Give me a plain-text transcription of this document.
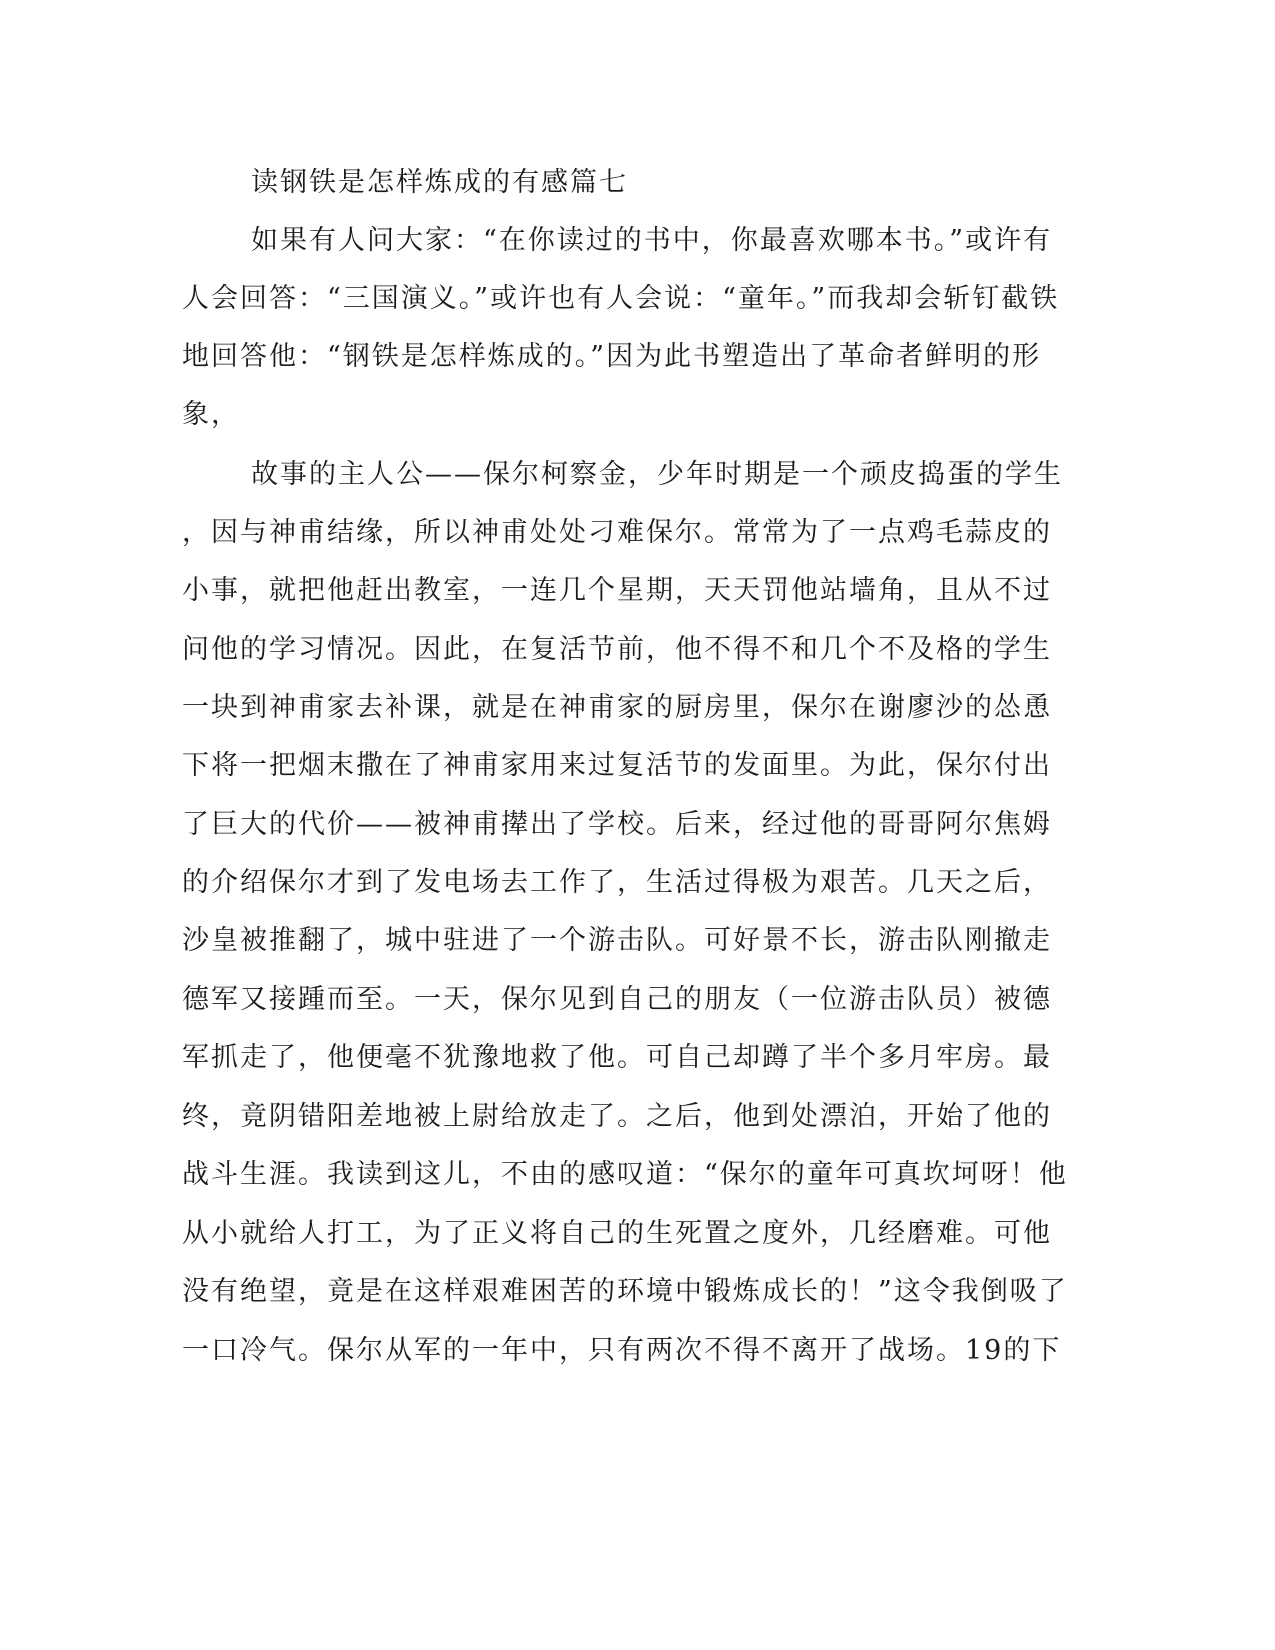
读钢铁是怎样炼成的有感篇七
如果有人问大家：“在你读过的书中，你最喜欢哪本书。”或许有
人会回答：“三国演义。”或许也有人会说：“童年。”而我却会斩钉截铁
地回答他：“钢铁是怎样炼成的。”因为此书塑造出了革命者鲜明的形
象，
故事的主人公——保尔柯察金，少年时期是一个顽皮捣蛋的学生
，因与神甫结缘，所以神甫处处刁难保尔。常常为了一点鸡毛蒜皮的
小事，就把他赶出教室，一连几个星期，天天罚他站墙角，且从不过
问他的学习情况。因此，在复活节前，他不得不和几个不及格的学生
一块到神甫家去补课，就是在神甫家的厨房里，保尔在谢廖沙的怂恿
下将一把烟末撒在了神甫家用来过复活节的发面里。为此，保尔付出
了巨大的代价——被神甫撵出了学校。后来，经过他的哥哥阿尔焦姆
的介绍保尔才到了发电场去工作了，生活过得极为艰苦。几天之后，
沙皇被推翻了，城中驻进了一个游击队。可好景不长，游击队刚撤走
德军又接踵而至。一天，保尔见到自己的朋友（一位游击队员）被德
军抓走了，他便毫不犹豫地救了他。可自己却蹲了半个多月牢房。最
终，竟阴错阳差地被上尉给放走了。之后，他到处漂泊，开始了他的
战斗生涯。我读到这儿，不由的感叹道：“保尔的童年可真坎坷呀！他
从小就给人打工，为了正义将自己的生死置之度外，几经磨难。可他
没有绝望，竟是在这样艰难困苦的环境中锻炼成长的！”这令我倒吸了
一口冷气。保尔从军的一年中，只有两次不得不离开了战场。19的下
